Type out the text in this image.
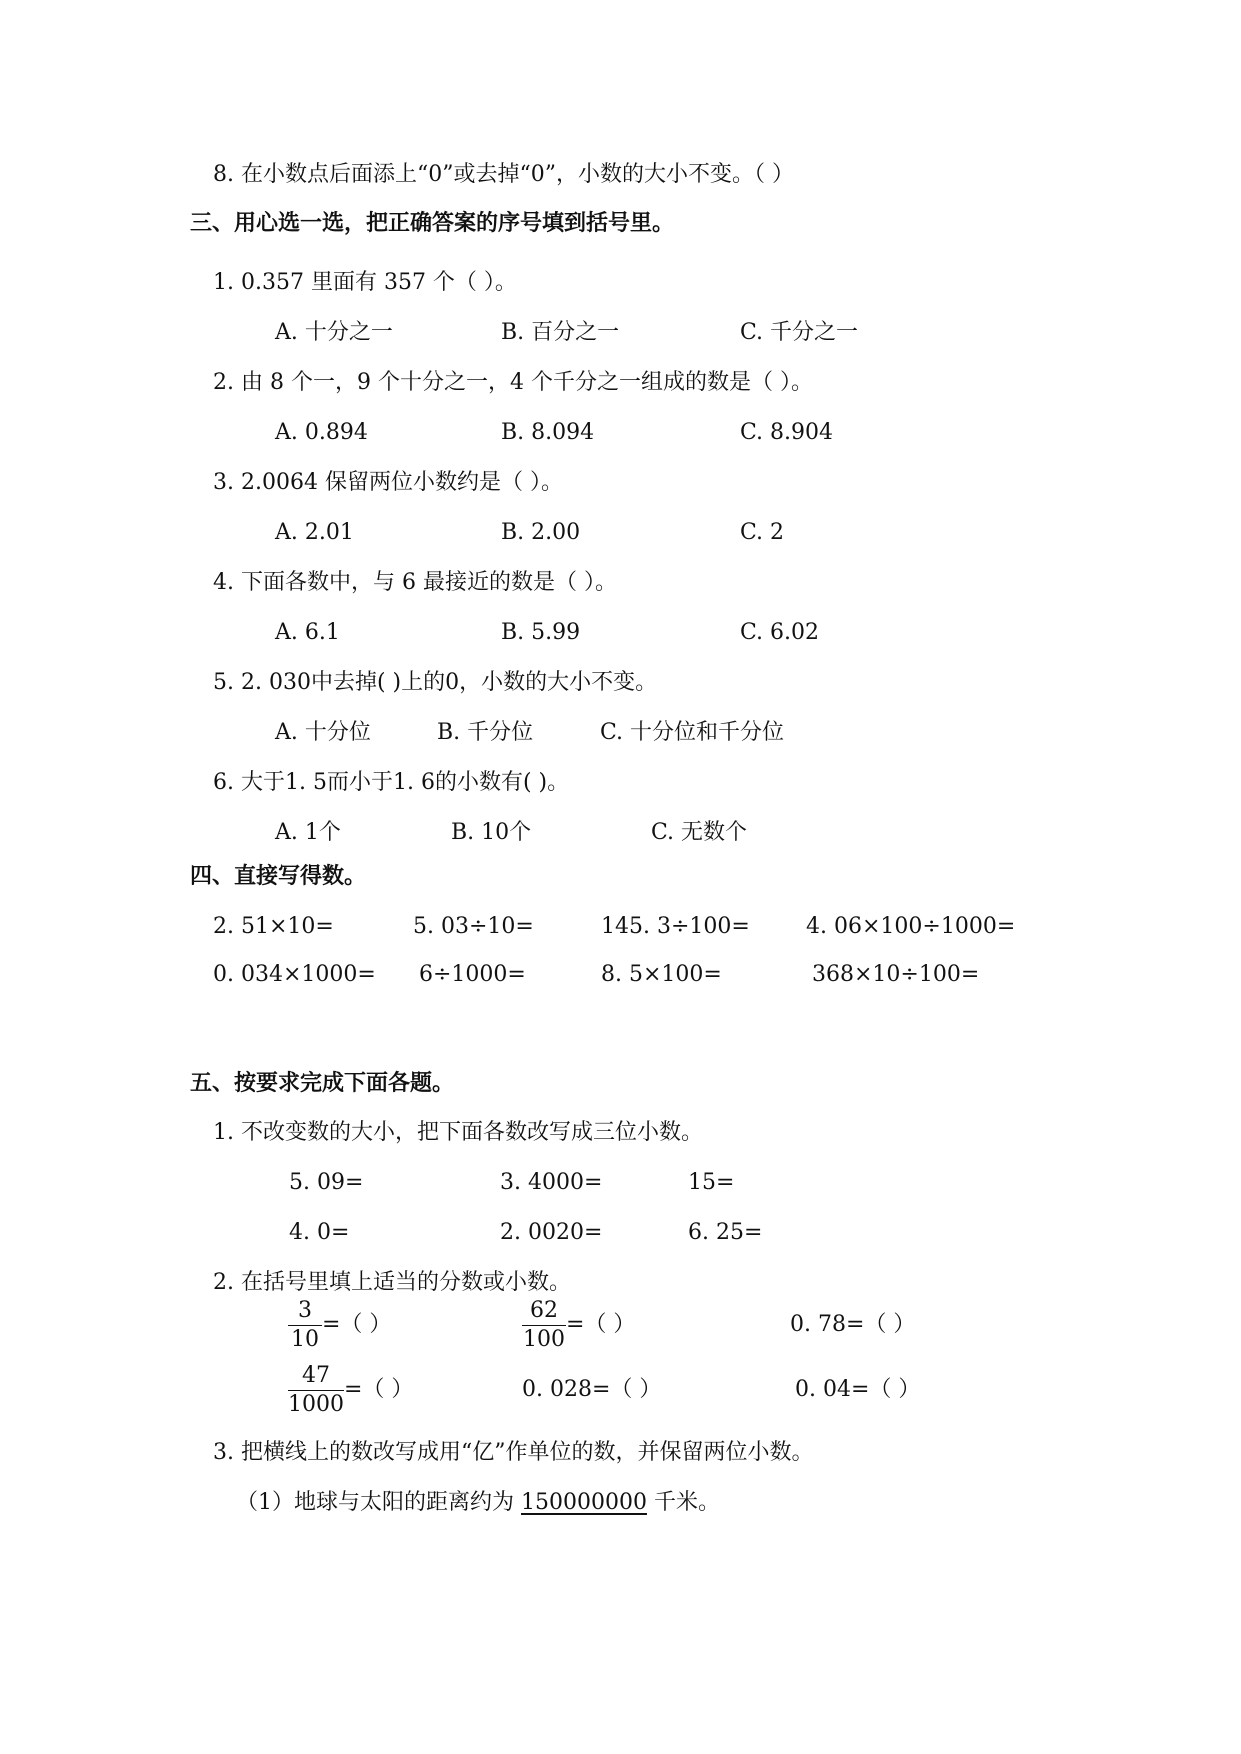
8. 在小数点后面添上“0”或去掉“0”，小数的大小不变。（ ）
三、用心选一选，把正确答案的序号填到括号里。
1. 0.357 里面有 357 个（ ）。
A. 十分之一	B. 百分之一	C. 千分之一
2. 由 8 个一，9 个十分之一，4 个千分之一组成的数是（ ）。
A. 0.894	B. 8.094	C. 8.904
3. 2.0064 保留两位小数约是（ ）。
A. 2.01	B. 2.00	C. 2
4. 下面各数中，与 6 最接近的数是（ ）。
A. 6.1	B. 5.99	C. 6.02
5. 2. 030中去掉( )上的0，小数的大小不变。
A. 十分位	B. 千分位	C. 十分位和千分位
6. 大于1. 5而小于1. 6的小数有( )。
A. 1个	B. 10个	C. 无数个
四、直接写得数。
2. 51×10=	5. 03÷10=	145. 3÷100=	4. 06×100÷1000=
0. 034×1000= 6÷1000=	8. 5×100=	368×10÷100=
五、按要求完成下面各题。
1. 不改变数的大小，把下面各数改写成三位小数。
5. 09=	3. 4000=	15=
4. 0=	2. 0020=	6. 25=
2. 在括号里填上适当的分数或小数。
$\frac{3}{10}$ =（ ）	$\frac{62}{100}$ =（ ）	0. 78=（ ）
$\frac{47}{1000}$ =（ ）	0. 028=（ ）	0. 04=（ ）
3. 把横线上的数改写成用“亿”作单位的数，并保留两位小数。
（1）地球与太阳的距离约为 150000000 千米。
